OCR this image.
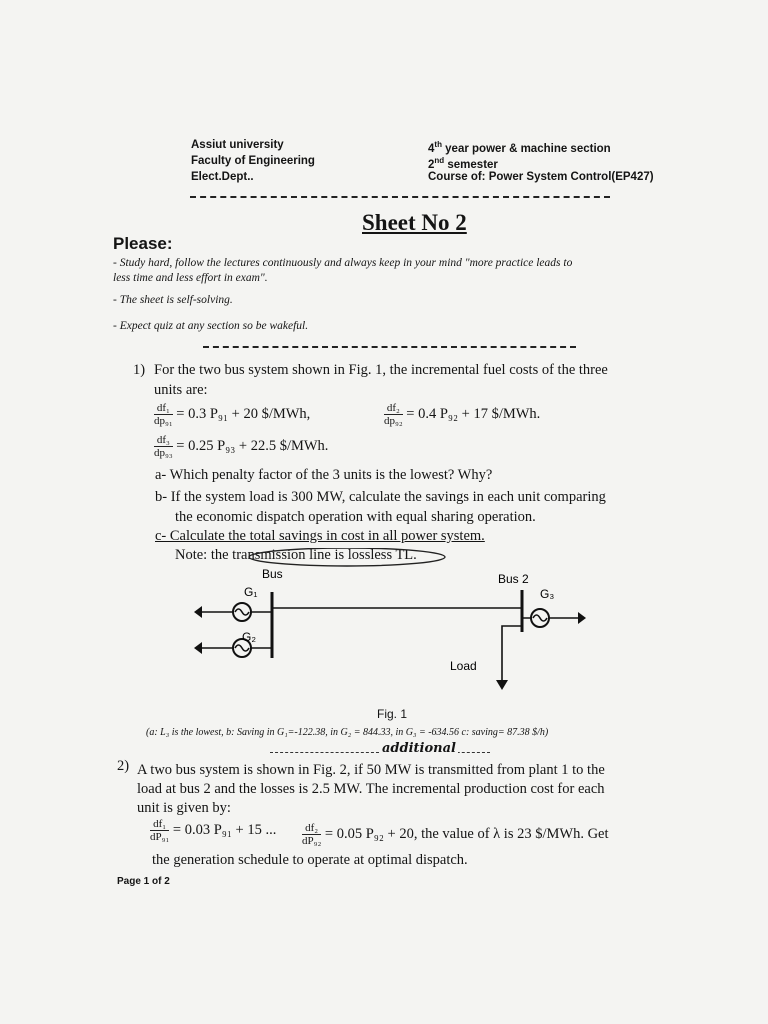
Assiut university
Faculty of Engineering
Elect.Dept..
4th year power & machine section
2nd semester
Course of: Power System Control(EP427)
Sheet No 2
Please:
- Study hard, follow the lectures continuously and always keep in your mind "more practice leads to
less time and less effort in exam".
- The sheet is self-solving.
- Expect quiz at any section so be wakeful.
1) For the two bus system shown in Fig. 1, the incremental fuel costs of the three
units are:
$\frac{\text{df₁}}{\text{dp₉₁}} = 0.3$ P₉₁ + 20 $/MWh,	$\frac{\text{df₂}}{\text{dp₉₂}} = 0.4$ P₉₂ + 17 $/MWh.
$\frac{\text{df₃}}{\text{dp₉₃}} = 0.25$ P₉₃ + 22.5 $/MWh.
a- Which penalty factor of the 3 units is the lowest? Why?
b- If the system load is 300 MW, calculate the savings in each unit comparing
the economic dispatch operation with equal sharing operation.
c- Calculate the total savings in cost in all power system.
Note: the transmission line is lossless TL.
Bus	Bus 2
G₁
G₂
G₃
Load
Fig. 1
(a: L₃ is the lowest, b: Saving in G₁=-122.38, in G₂ = 844.33, in G₃ = -634.56 c: saving= 87.38 $/h)
additional
2) A two bus system is shown in Fig. 2, if 50 MW is transmitted from plant 1 to the
load at bus 2 and the losses is 2.5 MW. The incremental production cost for each
unit is given by:
$\frac{\text{df₁}}{\text{dP₉₁}} = 0.03$ P₉₁ + 15 ... $\frac{\text{df₂}}{\text{dP₉₂}} = 0.05$ P₉₂ + 20, the value of λ is 23 $/MWh. Get
the generation schedule to operate at optimal dispatch.
Page 1 of 2
